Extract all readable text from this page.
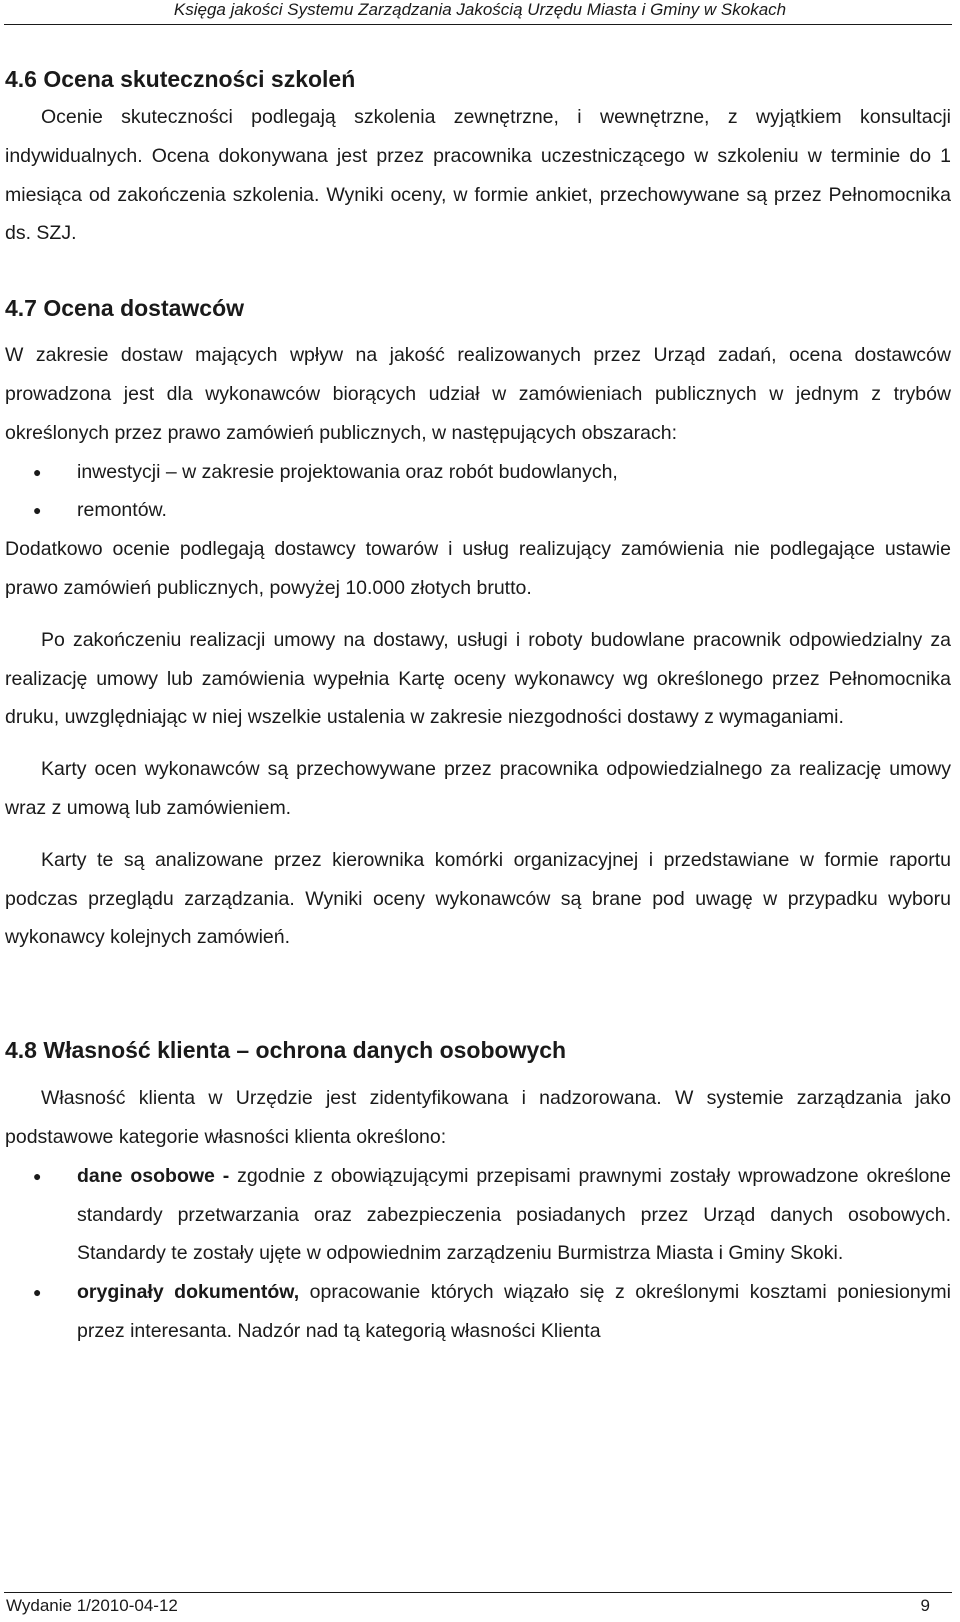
Księga jakości Systemu Zarządzania Jakością Urzędu Miasta i Gminy w Skokach
4.6 Ocena skuteczności szkoleń

Ocenie skuteczności podlegają szkolenia zewnętrzne, i wewnętrzne, z wyjątkiem konsultacji indywidualnych. Ocena dokonywana jest przez pracownika uczestniczącego w szkoleniu w terminie do 1 miesiąca od zakończenia szkolenia. Wyniki oceny, w formie ankiet, przechowywane są przez Pełnomocnika ds. SZJ.

4.7 Ocena dostawców

W zakresie dostaw mających wpływ na jakość realizowanych przez Urząd zadań, ocena dostawców prowadzona jest dla wykonawców biorących udział w zamówieniach publicznych w jednym z trybów określonych przez prawo zamówień publicznych, w następujących obszarach:

● inwestycji – w zakresie projektowania oraz robót budowlanych,
● remontów.

Dodatkowo ocenie podlegają dostawcy towarów i usług realizujący zamówienia nie podlegające ustawie prawo zamówień publicznych, powyżej 10.000 złotych brutto.

Po zakończeniu realizacji umowy na dostawy, usługi i roboty budowlane pracownik odpowiedzialny za realizację umowy lub zamówienia wypełnia Kartę oceny wykonawcy wg określonego przez Pełnomocnika druku, uwzględniając w niej wszelkie ustalenia w zakresie niezgodności dostawy z wymaganiami.

Karty ocen wykonawców są przechowywane przez pracownika odpowiedzialnego za realizację umowy wraz z umową lub zamówieniem.

Karty te są analizowane przez kierownika komórki organizacyjnej i przedstawiane w formie raportu podczas przeglądu zarządzania. Wyniki oceny wykonawców są brane pod uwagę w przypadku wyboru wykonawcy kolejnych zamówień.

4.8 Własność klienta – ochrona danych osobowych

Własność klienta w Urzędzie jest zidentyfikowana i nadzorowana. W systemie zarządzania jako podstawowe kategorie własności klienta określono:

● dane osobowe - zgodnie z obowiązującymi przepisami prawnymi zostały wprowadzone określone standardy przetwarzania oraz zabezpieczenia posiadanych przez Urząd danych osobowych. Standardy te zostały ujęte w odpowiednim zarządzeniu Burmistrza Miasta i Gminy Skoki.
● oryginały dokumentów, opracowanie których wiązało się z określonymi kosztami poniesionymi przez interesanta. Nadzór nad tą kategorią własności Klienta
Wydanie 1/2010-04-12	9
